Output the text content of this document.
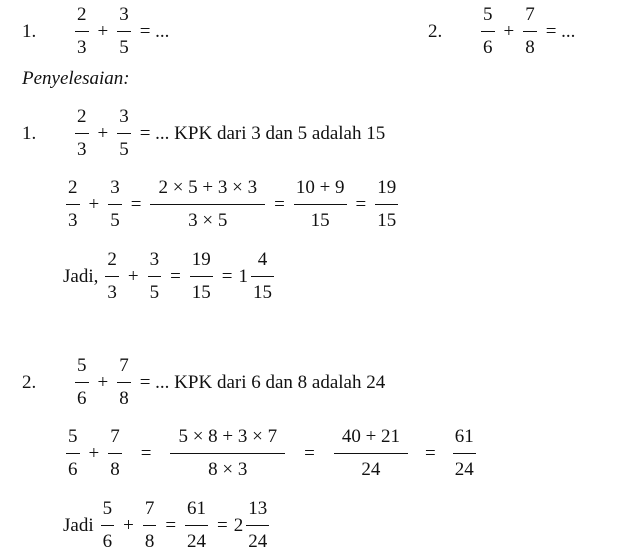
1.	$\frac{2}{3} + \frac{3}{5}$ = ...	2.	$\frac{5}{6} + \frac{7}{8}$ = ...
Penyelesaian:
1.	$\frac{2}{3} + \frac{3}{5}$ = ... KPK dari 3 dan 5 adalah 15
$\frac{2}{3} + \frac{3}{5} = \frac{2 \times 5 + 3 \times 3}{3 \times 5} = \frac{10 + 9}{15} = \frac{19}{15}$
Jadi, $\frac{2}{3} + \frac{3}{5} = \frac{19}{15} = 1 \frac{4}{15}$
2.	$\frac{5}{6} + \frac{7}{8}$ = ... KPK dari 6 dan 8 adalah 24
$\frac{5}{6} + \frac{7}{8} = \frac{5 \times 8 + 3 \times 7}{8 \times 3} = \frac{40 + 21}{24} = \frac{61}{24}$
Jadi $\frac{5}{6} + \frac{7}{8} = \frac{61}{24} = 2 \frac{13}{24}$
